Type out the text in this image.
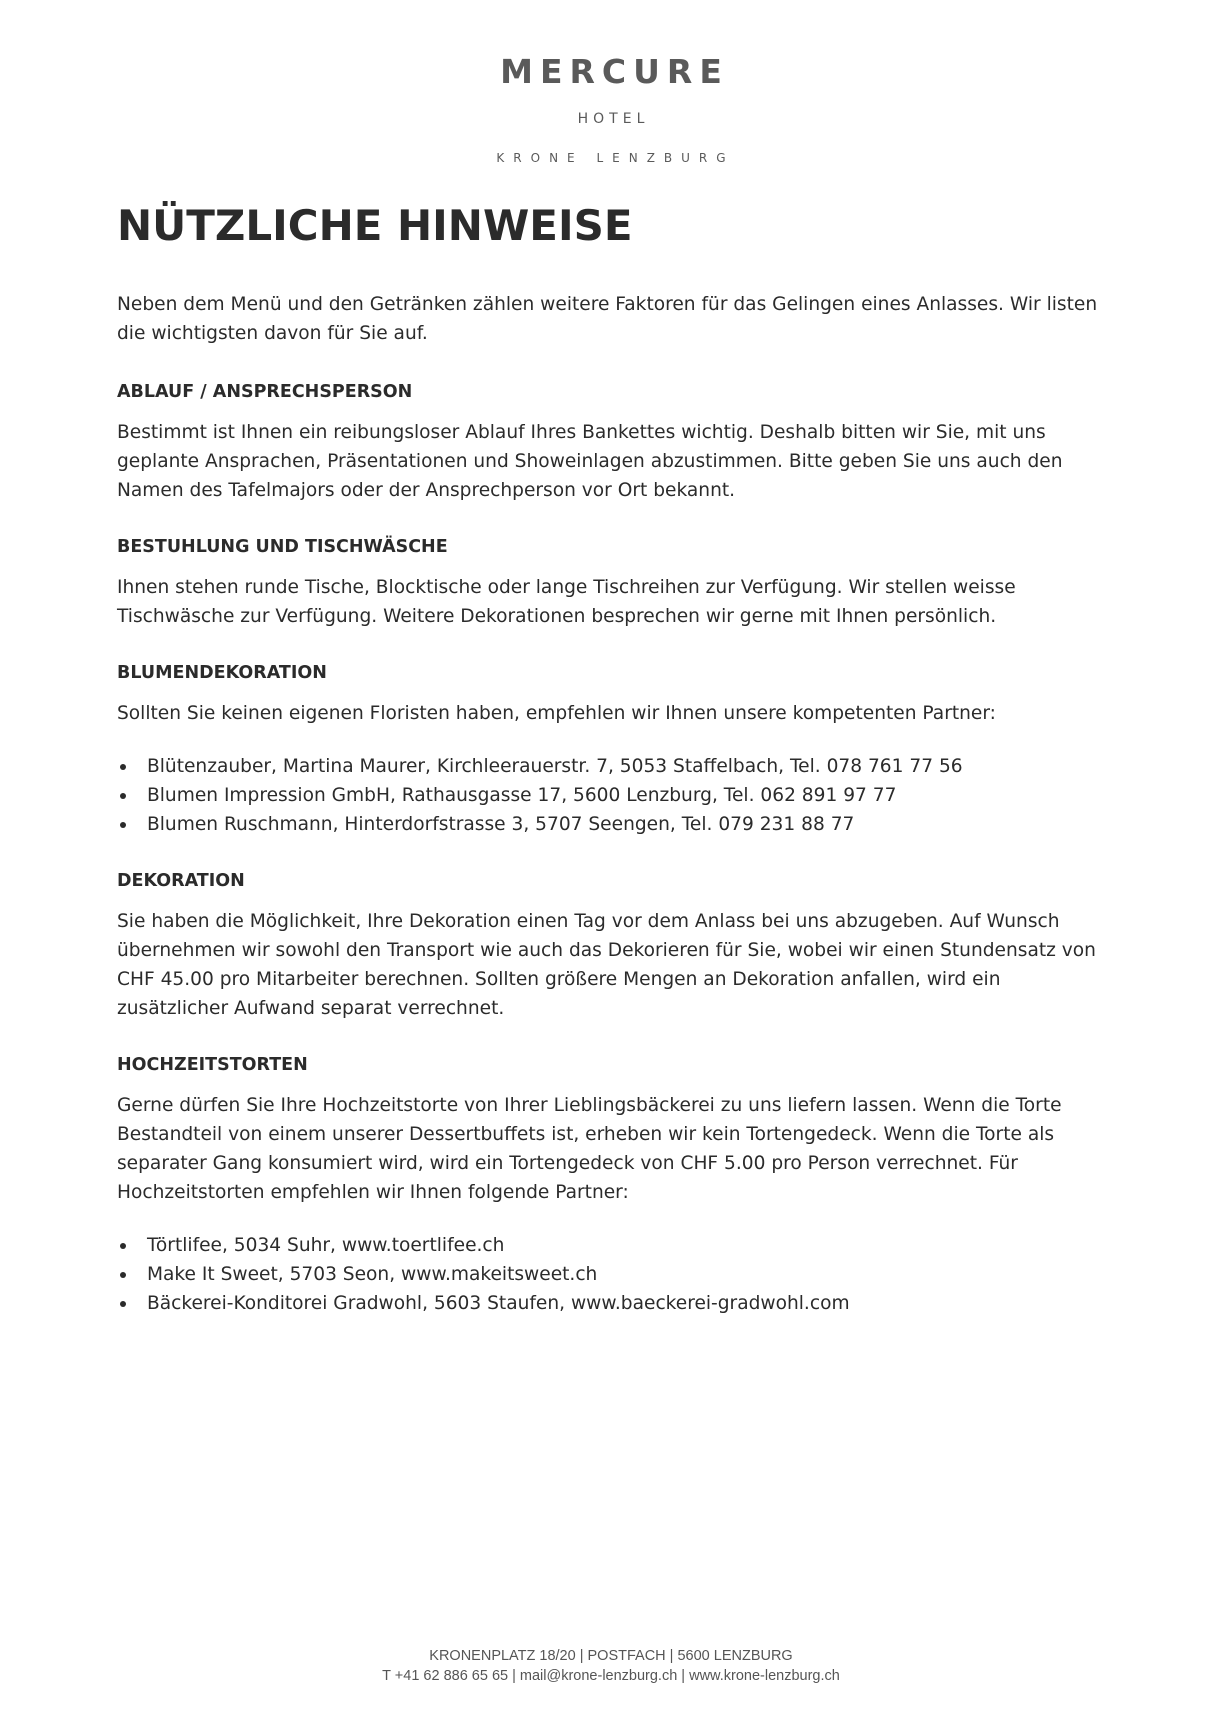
MERCURE
HOTEL
KRONE LENZBURG
NÜTZLICHE HINWEISE

Neben dem Menü und den Getränken zählen weitere Faktoren für das Gelingen eines Anlasses. Wir listen die wichtigsten davon für Sie auf.

ABLAUF / ANSPRECHSPERSON

Bestimmt ist Ihnen ein reibungsloser Ablauf Ihres Bankettes wichtig. Deshalb bitten wir Sie, mit uns geplante Ansprachen, Präsentationen und Showeinlagen abzustimmen. Bitte geben Sie uns auch den Namen des Tafelmajors oder der Ansprechperson vor Ort bekannt.

BESTUHLUNG UND TISCHWÄSCHE

Ihnen stehen runde Tische, Blocktische oder lange Tischreihen zur Verfügung. Wir stellen weisse Tischwäsche zur Verfügung. Weitere Dekorationen besprechen wir gerne mit Ihnen persönlich.

BLUMENDEKORATION

Sollten Sie keinen eigenen Floristen haben, empfehlen wir Ihnen unsere kompetenten Partner:

Blütenzauber, Martina Maurer, Kirchleerauerstr. 7, 5053 Staffelbach, Tel. 078 761 77 56
Blumen Impression GmbH, Rathausgasse 17, 5600 Lenzburg, Tel. 062 891 97 77
Blumen Ruschmann, Hinterdorfstrasse 3, 5707 Seengen, Tel. 079 231 88 77
DEKORATION

Sie haben die Möglichkeit, Ihre Dekoration einen Tag vor dem Anlass bei uns abzugeben. Auf Wunsch übernehmen wir sowohl den Transport wie auch das Dekorieren für Sie, wobei wir einen Stundensatz von CHF 45.00 pro Mitarbeiter berechnen. Sollten größere Mengen an Dekoration anfallen, wird ein zusätzlicher Aufwand separat verrechnet.

HOCHZEITSTORTEN

Gerne dürfen Sie Ihre Hochzeitstorte von Ihrer Lieblingsbäckerei zu uns liefern lassen. Wenn die Torte Bestandteil von einem unserer Dessertbuffets ist, erheben wir kein Tortengedeck. Wenn die Torte als separater Gang konsumiert wird, wird ein Tortengedeck von CHF 5.00 pro Person verrechnet. Für Hochzeitstorten empfehlen wir Ihnen folgende Partner:

Törtlifee, 5034 Suhr, www.toertlifee.ch
Make It Sweet, 5703 Seon, www.makeitsweet.ch
Bäckerei-Konditorei Gradwohl, 5603 Staufen, www.baeckerei-gradwohl.com
KRONENPLATZ 18/20 | POSTFACH | 5600 LENZBURG
T +41 62 886 65 65 | mail@krone-lenzburg.ch | www.krone-lenzburg.ch
